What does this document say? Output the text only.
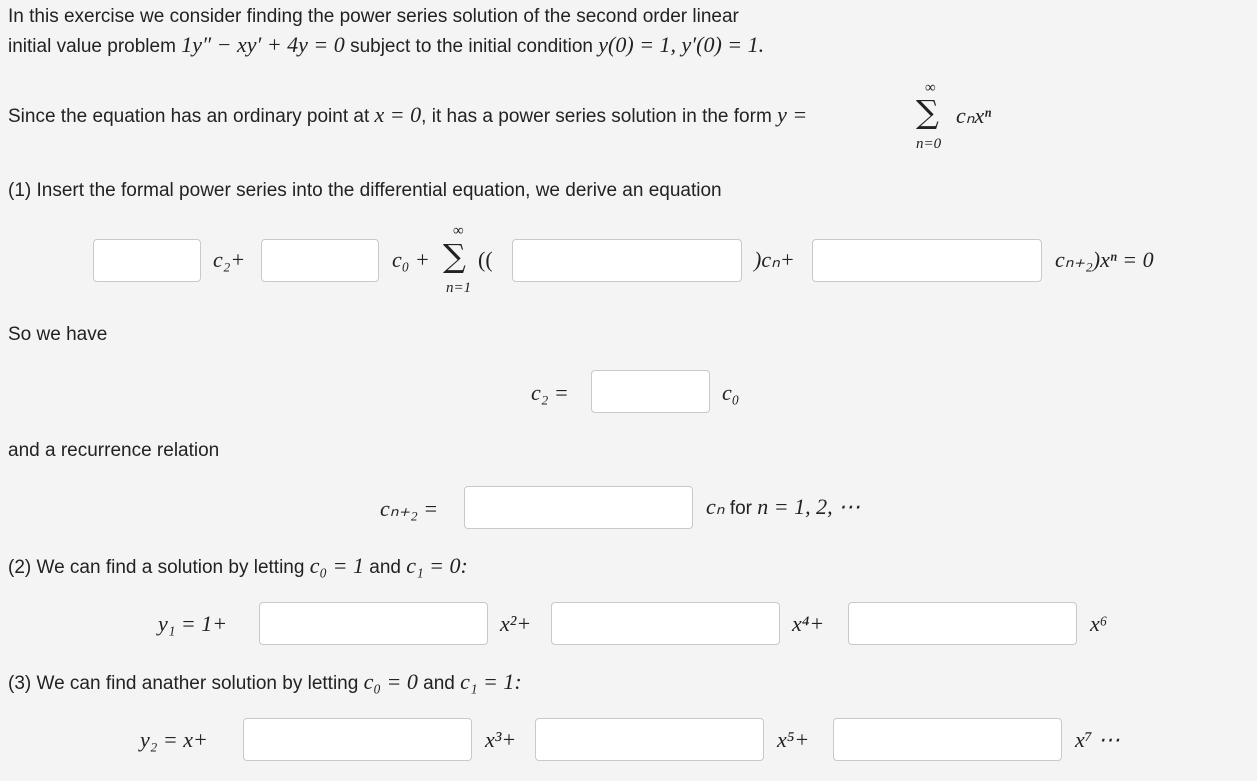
In this exercise we consider finding the power series solution of the second order linear
initial value problem 1y″ − xy′ + 4y = 0 subject to the initial condition y(0) = 1, y′(0) = 1.
Since the equation has an ordinary point at x = 0, it has a power series solution in the form y =
∞
∑
n=0
cₙxⁿ
(1) Insert the formal power series into the differential equation, we derive an equation
c₂+	c₀ +
∞
∑
n=1
((	)cₙ+	cₙ₊₂)xⁿ = 0
So we have
c₂ =	c₀
and a recurrence relation
cₙ₊₂ =	cₙ for n = 1, 2, ⋯
(2) We can find a solution by letting c₀ = 1 and c₁ = 0:
y₁ = 1+	x²+	x⁴+	x⁶
(3) We can find anather solution by letting c₀ = 0 and c₁ = 1:
y₂ = x+	x³+	x⁵+	x⁷ ⋯
